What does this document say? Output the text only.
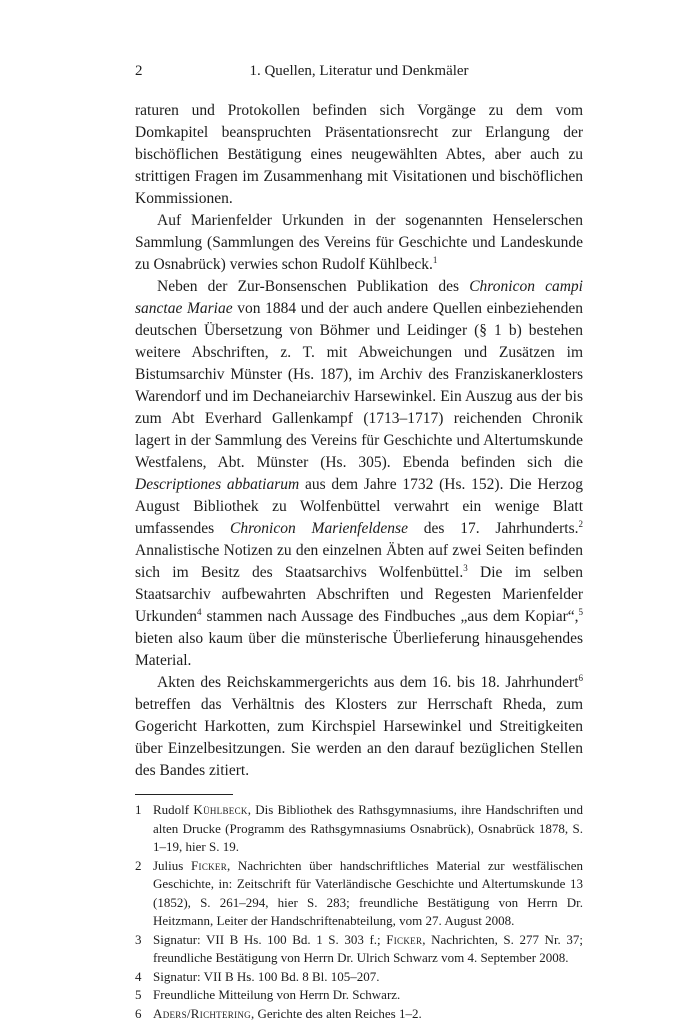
2	1. Quellen, Literatur und Denkmäler

raturen und Protokollen befinden sich Vorgänge zu dem vom Domkapitel beanspruchten Präsentationsrecht zur Erlangung der bischöflichen Bestätigung eines neugewählten Abtes, aber auch zu strittigen Fragen im Zusammenhang mit Visitationen und bischöflichen Kommissionen.

Auf Marienfelder Urkunden in der sogenannten Henselerschen Sammlung (Sammlungen des Vereins für Geschichte und Landeskunde zu Osnabrück) verwies schon Rudolf Kühlbeck.$^1$

Neben der Zur-Bonsenschen Publikation des Chronicon campi sanctae Mariae von 1884 und der auch andere Quellen einbeziehenden deutschen Übersetzung von Böhmer und Leidinger (§ 1 b) bestehen weitere Abschriften, z. T. mit Abweichungen und Zusätzen im Bistumsarchiv Münster (Hs. 187), im Archiv des Franziskanerklosters Warendorf und im Dechaneiarchiv Harsewinkel. Ein Auszug aus der bis zum Abt Everhard Gallenkampf (1713–1717) reichenden Chronik lagert in der Sammlung des Vereins für Geschichte und Altertumskunde Westfalens, Abt. Münster (Hs. 305). Ebenda befinden sich die Descriptiones abbatiarum aus dem Jahre 1732 (Hs. 152). Die Herzog August Bibliothek zu Wolfenbüttel verwahrt ein wenige Blatt umfassendes Chronicon Marienfeldense des 17. Jahrhunderts.$^2$ Annalistische Notizen zu den einzelnen Äbten auf zwei Seiten befinden sich im Besitz des Staatsarchivs Wolfenbüttel.$^3$ Die im selben Staatsarchiv aufbewahrten Abschriften und Regesten Marienfelder Urkunden$^4$ stammen nach Aussage des Findbuches „aus dem Kopiar“,$^5$ bieten also kaum über die münsterische Überlieferung hinausgehendes Material.

Akten des Reichskammergerichts aus dem 16. bis 18. Jahrhundert$^6$ betreffen das Verhältnis des Klosters zur Herrschaft Rheda, zum Gogericht Harkotten, zum Kirchspiel Harsewinkel und Streitigkeiten über Einzelbesitzungen. Sie werden an den darauf bezüglichen Stellen des Bandes zitiert.

1 Rudolf Kühlbeck, Dis Bibliothek des Rathsgymnasiums, ihre Handschriften und alten Drucke (Programm des Rathsgymnasiums Osnabrück), Osnabrück 1878, S. 1–19, hier S. 19.
2 Julius Ficker, Nachrichten über handschriftliches Material zur westfälischen Geschichte, in: Zeitschrift für Vaterländische Geschichte und Altertumskunde 13 (1852), S. 261–294, hier S. 283; freundliche Bestätigung von Herrn Dr. Heitzmann, Leiter der Handschriftenabteilung, vom 27. August 2008.
3 Signatur: VII B Hs. 100 Bd. 1 S. 303 f.; Ficker, Nachrichten, S. 277 Nr. 37; freundliche Bestätigung von Herrn Dr. Ulrich Schwarz vom 4. September 2008.
4 Signatur: VII B Hs. 100 Bd. 8 Bl. 105–207.
5 Freundliche Mitteilung von Herrn Dr. Schwarz.
6 Aders/Richtering, Gerichte des alten Reiches 1–2.
